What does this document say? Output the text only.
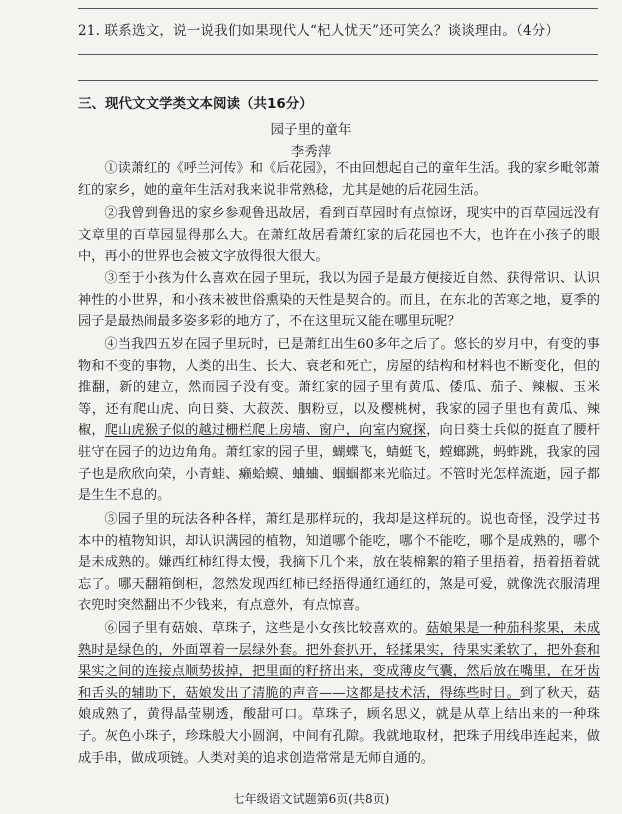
21. 联系选文，说一说我们如果现代人“杞人忧天”还可笑么？谈谈理由。（4分）
三、现代文文学类文本阅读（共16分）
园子里的童年
李秀萍
①读萧红的《呼兰河传》和《后花园》，不由回想起自己的童年生活。我的家乡毗邻萧红的家乡，她的童年生活对我来说非常熟稔，尤其是她的后花园生活。
②我曾到鲁迅的家乡参观鲁迅故居，看到百草园时有点惊讶，现实中的百草园远没有文章里的百草园显得那么大。在萧红故居看萧红家的后花园也不大，也许在小孩子的眼中，再小的世界也会被文字放得很大很大。
③至于小孩为什么喜欢在园子里玩，我以为园子是最方便接近自然、获得常识、认识神性的小世界，和小孩未被世俗熏染的天性是契合的。而且，在东北的苦寒之地，夏季的园子是最热闹最多姿多彩的地方了，不在这里玩又能在哪里玩呢？
④当我四五岁在园子里玩时，已是萧红出生60多年之后了。悠长的岁月中，有变的事物和不变的事物，人类的出生、长大、衰老和死亡，房屋的结构和材料也不断变化，但的推翻，新的建立，然而园子没有变。萧红家的园子里有黄瓜、倭瓜、茄子、辣椒、玉米等，还有爬山虎、向日葵、大菽茨、胭粉豆，以及樱桃树，我家的园子里也有黄瓜、辣椒，爬山虎猴子似的越过栅栏爬上房墙、窗户，向室内窥探，向日葵士兵似的挺直了腰杆驻守在园子的边边角角。萧红家的园子里，蝴蝶飞，蜻蜓飞，螳螂跳，蚂蚱跳，我家的园子也是欣欣向荣，小青蛙、癞蛤蟆、蛐蛐、蝈蝈都来光临过。不管时光怎样流逝，园子都是生生不息的。
⑤园子里的玩法各种各样，萧红是那样玩的，我却是这样玩的。说也奇怪，没学过书本中的植物知识，却认识满园的植物，知道哪个能吃，哪个不能吃，哪个是成熟的，哪个是未成熟的。嫌西红柿红得太慢，我摘下几个来，放在装棉絮的箱子里捂着，捂着捂着就忘了。哪天翻箱倒柜，忽然发现西红柿已经捂得通红通红的，煞是可爱，就像洗衣服清理衣兜时突然翻出不少钱来，有点意外，有点惊喜。
⑥园子里有菇娘、草珠子，这些是小女孩比较喜欢的。菇娘果是一种茄科浆果，未成熟时是绿色的，外面罩着一层绿外套。把外套扒开，轻揉果实，待果实柔软了，把外套和果实之间的连接点顺势拔掉，把里面的籽挤出来，变成薄皮气囊，然后放在嘴里，在牙齿和舌头的辅助下，菇娘发出了清脆的声音——这都是技术活，得练些时日。到了秋天，菇娘成熟了，黄得晶莹剔透，酸甜可口。草珠子，顾名思义，就是从草上结出来的一种珠子。灰色小珠子，珍珠般大小圆润，中间有孔隙。我就地取材，把珠子用线串连起来，做成手串，做成项链。人类对美的追求创造常常是无师自通的。
七年级语文试题第6页(共8页)
